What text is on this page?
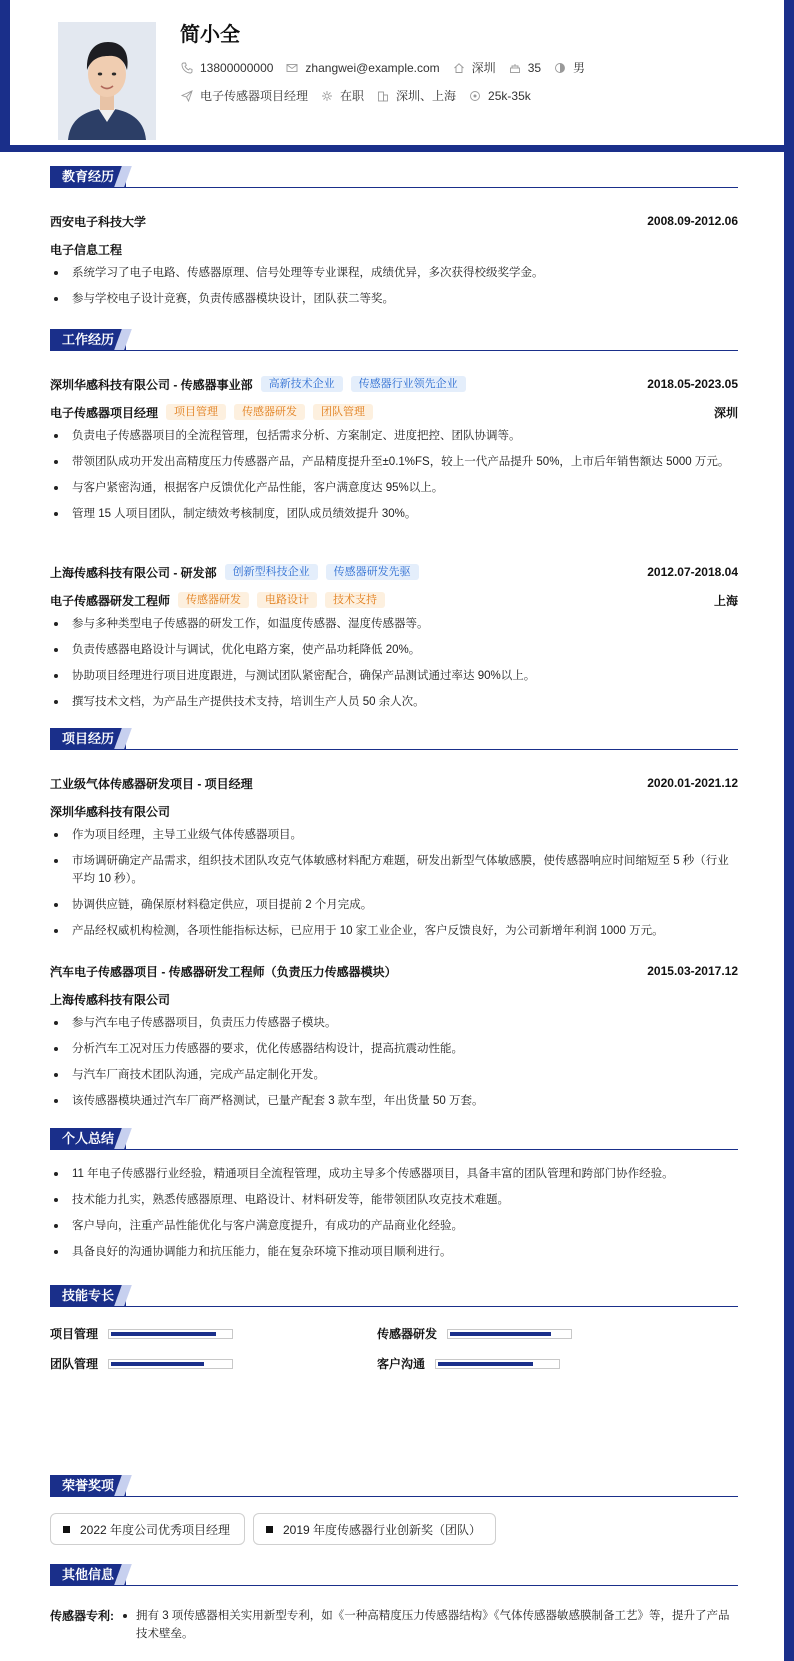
简小全
13800000000	zhangwei@example.com	深圳	35	男
电子传感器项目经理	在职	深圳、上海	25k-35k
教育经历
西安电子科技大学	2008.09-2012.06
电子信息工程
系统学习了电子电路、传感器原理、信号处理等专业课程，成绩优异，多次获得校级奖学金。
参与学校电子设计竞赛，负责传感器模块设计，团队获二等奖。
工作经历
深圳华感科技有限公司 - 传感器事业部	高新技术企业	传感器行业领先企业	2018.05-2023.05
电子传感器项目经理	项目管理	传感器研发	团队管理	深圳
负责电子传感器项目的全流程管理，包括需求分析、方案制定、进度把控、团队协调等。
带领团队成功开发出高精度压力传感器产品，产品精度提升至±0.1%FS，较上一代产品提升 50%，上市后年销售额达 5000 万元。
与客户紧密沟通，根据客户反馈优化产品性能，客户满意度达 95%以上。
管理 15 人项目团队，制定绩效考核制度，团队成员绩效提升 30%。
上海传感科技有限公司 - 研发部	创新型科技企业	传感器研发先驱	2012.07-2018.04
电子传感器研发工程师	传感器研发	电路设计	技术支持	上海
参与多种类型电子传感器的研发工作，如温度传感器、湿度传感器等。
负责传感器电路设计与调试，优化电路方案，使产品功耗降低 20%。
协助项目经理进行项目进度跟进，与测试团队紧密配合，确保产品测试通过率达 90%以上。
撰写技术文档，为产品生产提供技术支持，培训生产人员 50 余人次。
项目经历
工业级气体传感器研发项目 - 项目经理	2020.01-2021.12
深圳华感科技有限公司
作为项目经理，主导工业级气体传感器项目。
市场调研确定产品需求，组织技术团队攻克气体敏感材料配方难题，研发出新型气体敏感膜，使传感器响应时间缩短至 5 秒（行业平均 10 秒）。
协调供应链，确保原材料稳定供应，项目提前 2 个月完成。
产品经权威机构检测，各项性能指标达标，已应用于 10 家工业企业，客户反馈良好，为公司新增年利润 1000 万元。
汽车电子传感器项目 - 传感器研发工程师（负责压力传感器模块）	2015.03-2017.12
上海传感科技有限公司
参与汽车电子传感器项目，负责压力传感器子模块。
分析汽车工况对压力传感器的要求，优化传感器结构设计，提高抗震动性能。
与汽车厂商技术团队沟通，完成产品定制化开发。
该传感器模块通过汽车厂商严格测试，已量产配套 3 款车型，年出货量 50 万套。
个人总结
11 年电子传感器行业经验，精通项目全流程管理，成功主导多个传感器项目，具备丰富的团队管理和跨部门协作经验。
技术能力扎实，熟悉传感器原理、电路设计、材料研发等，能带领团队攻克技术难题。
客户导向，注重产品性能优化与客户满意度提升，有成功的产品商业化经验。
具备良好的沟通协调能力和抗压能力，能在复杂环境下推动项目顺利进行。
技能专长
项目管理	传感器研发
团队管理	客户沟通
荣誉奖项
2022 年度公司优秀项目经理	2019 年度传感器行业创新奖（团队）
其他信息
传感器专利:	拥有 3 项传感器相关实用新型专利，如《一种高精度压力传感器结构》《气体传感器敏感膜制备工艺》等，提升了产品技术壁垒。
